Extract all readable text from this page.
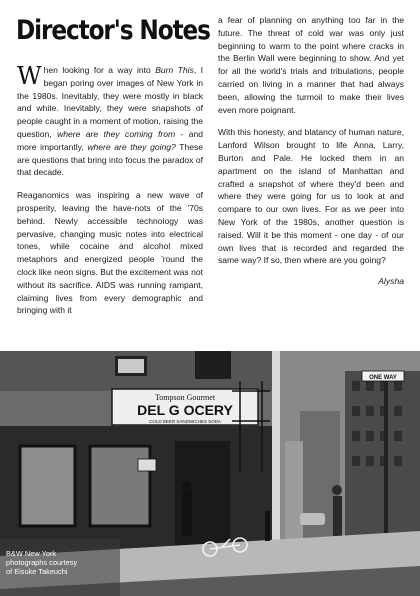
Director's Notes

When looking for a way into Burn This, I began poring over images of New York in the 1980s. Inevitably, they were mostly in black and white. Inevitably, they were snapshots of people caught in a moment of motion, raising the question, where are they coming from - and more importantly, where are they going? These are questions that bring into focus the paradox of that decade.

Reaganomics was inspiring a new wave of prosperity, leaving the have-nots of the '70s behind. Newly accessible technology was pervasive, changing music notes into electrical tones, while cocaine and alcohol mixed metaphors and energized people 'round the clock like neon signs. But the excitement was not without its sacrifice. AIDS was running rampant, claiming lives from every demographic and bringing with it

a fear of planning on anything too far in the future. The threat of cold war was only just beginning to warm to the point where cracks in the Berlin Wall were beginning to show. And yet for all the world's trials and tribulations, people carried on living in a manner that had always been, allowing the turmoil to make their lives even more poignant.

With this honesty, and blatancy of human nature, Lanford Wilson brought to life Anna, Larry, Burton and Pale. He locked them in an apartment on the island of Manhattan and crafted a snapshot of where they'd been and where they were going for us to look at and compare to our own lives. For as we peer into New York of the 1980s, another question is raised. Will it be this moment - one day - of our own lives that is recorded and regarded the same way? If so, then where are you going?

Alysha
Tompson Gourmet
DEL G OCERY
COLD BEER SANDWICHES SODA
ONE WAY
B&W New York
photographs courtesy
of Eisuke Takeuchi
